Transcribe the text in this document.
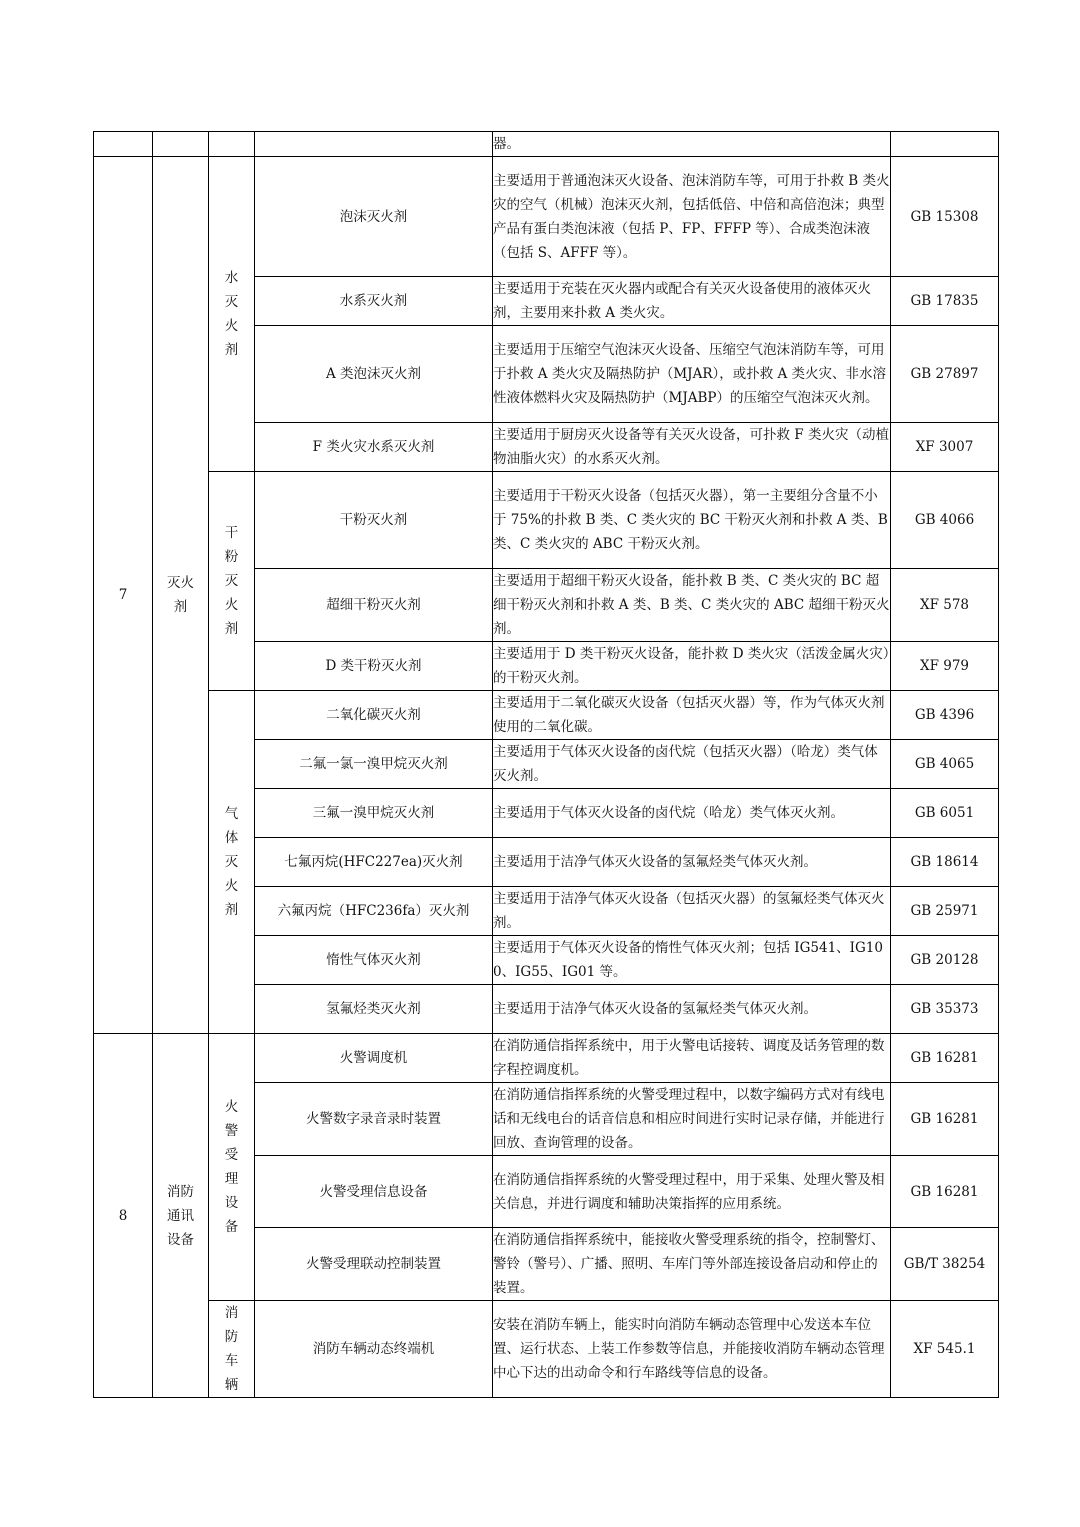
				器。	
7	灭火剂	水灭火剂	泡沫灭火剂	主要适用于普通泡沫灭火设备、泡沫消防车等，可用于扑救 B 类火灾的空气（机械）泡沫灭火剂，包括低倍、中倍和高倍泡沫；典型产品有蛋白类泡沫液（包括 P、FP、FFFP 等）、合成类泡沫液（包括 S、AFFF 等）。	GB 15308
			水系灭火剂	主要适用于充装在灭火器内或配合有关灭火设备使用的液体灭火剂，主要用来扑救 A 类火灾。	GB 17835
			A 类泡沫灭火剂	主要适用于压缩空气泡沫灭火设备、压缩空气泡沫消防车等，可用于扑救 A 类火灾及隔热防护（MJAR），或扑救 A 类火灾、非水溶性液体燃料火灾及隔热防护（MJABP）的压缩空气泡沫灭火剂。	GB 27897
			F 类火灾水系灭火剂	主要适用于厨房灭火设备等有关灭火设备，可扑救 F 类火灾（动植物油脂火灾）的水系灭火剂。	XF 3007
		干粉灭火剂	干粉灭火剂	主要适用于干粉灭火设备（包括灭火器），第一主要组分含量不小于 75%的扑救 B 类、C 类火灾的 BC 干粉灭火剂和扑救 A 类、B 类、C 类火灾的 ABC 干粉灭火剂。	GB 4066
			超细干粉灭火剂	主要适用于超细干粉灭火设备，能扑救 B 类、C 类火灾的 BC 超细干粉灭火剂和扑救 A 类、B 类、C 类火灾的 ABC 超细干粉灭火剂。	XF 578
			D 类干粉灭火剂	主要适用于 D 类干粉灭火设备，能扑救 D 类火灾（活泼金属火灾）的干粉灭火剂。	XF 979
		气体灭火剂	二氧化碳灭火剂	主要适用于二氧化碳灭火设备（包括灭火器）等，作为气体灭火剂使用的二氧化碳。	GB 4396
			二氟一氯一溴甲烷灭火剂	主要适用于气体灭火设备的卤代烷（包括灭火器）（哈龙）类气体灭火剂。	GB 4065
			三氟一溴甲烷灭火剂	主要适用于气体灭火设备的卤代烷（哈龙）类气体灭火剂。	GB 6051
			七氟丙烷(HFC227ea)灭火剂	主要适用于洁净气体灭火设备的氢氟烃类气体灭火剂。	GB 18614
			六氟丙烷（HFC236fa）灭火剂	主要适用于洁净气体灭火设备（包括灭火器）的氢氟烃类气体灭火剂。	GB 25971
			惰性气体灭火剂	主要适用于气体灭火设备的惰性气体灭火剂；包括 IG541、IG100、IG55、IG01 等。	GB 20128
			氢氟烃类灭火剂	主要适用于洁净气体灭火设备的氢氟烃类气体灭火剂。	GB 35373
8	消防通讯设备	火警受理设备	火警调度机	在消防通信指挥系统中，用于火警电话接转、调度及话务管理的数字程控调度机。	GB 16281
			火警数字录音录时装置	在消防通信指挥系统的火警受理过程中，以数字编码方式对有线电话和无线电台的话音信息和相应时间进行实时记录存储，并能进行回放、查询管理的设备。	GB 16281
			火警受理信息设备	在消防通信指挥系统的火警受理过程中，用于采集、处理火警及相关信息，并进行调度和辅助决策指挥的应用系统。	GB 16281
			火警受理联动控制装置	在消防通信指挥系统中，能接收火警受理系统的指令，控制警灯、警铃（警号）、广播、照明、车库门等外部连接设备启动和停止的装置。	GB/T 38254
		消防车辆	消防车辆动态终端机	安装在消防车辆上，能实时向消防车辆动态管理中心发送本车位置、运行状态、上装工作参数等信息，并能接收消防车辆动态管理中心下达的出动命令和行车路线等信息的设备。	XF 545.1
